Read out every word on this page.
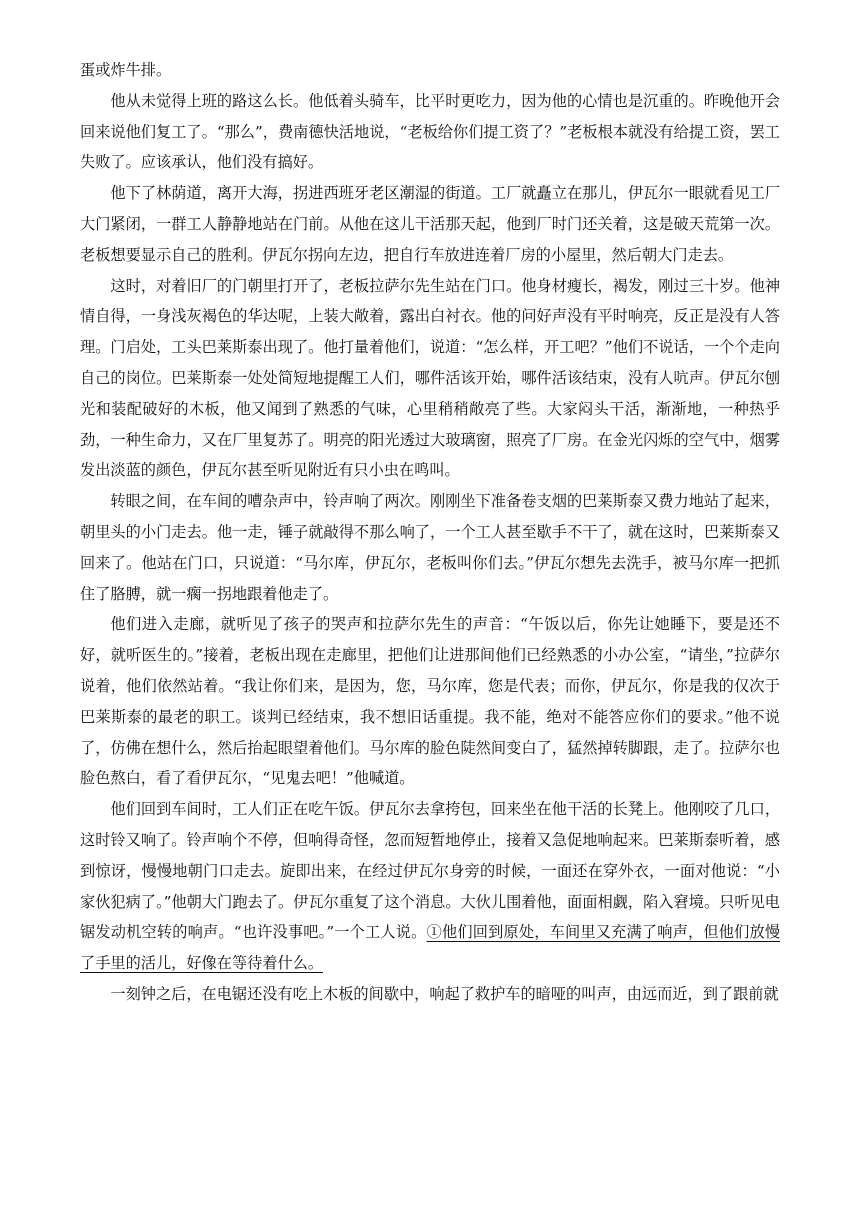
蛋或炸牛排。

他从未觉得上班的路这么长。他低着头骑车，比平时更吃力，因为他的心情也是沉重的。昨晚他开会回来说他们复工了。“那么”，费南德快活地说，“老板给你们提工资了？”老板根本就没有给提工资，罢工失败了。应该承认，他们没有搞好。

他下了林荫道，离开大海，拐进西班牙老区潮湿的街道。工厂就矗立在那儿，伊瓦尔一眼就看见工厂大门紧闭，一群工人静静地站在门前。从他在这儿干活那天起，他到厂时门还关着，这是破天荒第一次。老板想要显示自己的胜利。伊瓦尔拐向左边，把自行车放进连着厂房的小屋里，然后朝大门走去。

这时，对着旧厂的门朝里打开了，老板拉萨尔先生站在门口。他身材瘦长，褐发，刚过三十岁。他神情自得，一身浅灰褐色的华达呢，上装大敞着，露出白衬衣。他的问好声没有平时响亮，反正是没有人答理。门启处，工头巴莱斯泰出现了。他打量着他们，说道：“怎么样，开工吧？”他们不说话，一个个走向自己的岗位。巴莱斯泰一处处简短地提醒工人们，哪件活该开始，哪件活该结束，没有人吭声。伊瓦尔刨光和装配破好的木板，他又闻到了熟悉的气味，心里稍稍敞亮了些。大家闷头干活，渐渐地，一种热乎劲，一种生命力，又在厂里复苏了。明亮的阳光透过大玻璃窗，照亮了厂房。在金光闪烁的空气中，烟雾发出淡蓝的颜色，伊瓦尔甚至听见附近有只小虫在鸣叫。

转眼之间，在车间的嘈杂声中，铃声响了两次。刚刚坐下准备卷支烟的巴莱斯泰又费力地站了起来，朝里头的小门走去。他一走，锤子就敲得不那么响了，一个工人甚至歇手不干了，就在这时，巴莱斯泰又回来了。他站在门口，只说道：“马尔库，伊瓦尔，老板叫你们去。”伊瓦尔想先去洗手，被马尔库一把抓住了胳膊，就一瘸一拐地跟着他走了。

他们进入走廊，就听见了孩子的哭声和拉萨尔先生的声音：“午饭以后，你先让她睡下，要是还不好，就听医生的。”接着，老板出现在走廊里，把他们让进那间他们已经熟悉的小办公室，“请坐，”拉萨尔说着，他们依然站着。“我让你们来，是因为，您，马尔库，您是代表；而你，伊瓦尔，你是我的仅次于巴莱斯泰的最老的职工。谈判已经结束，我不想旧话重提。我不能，绝对不能答应你们的要求。”他不说了，仿佛在想什么，然后抬起眼望着他们。马尔库的脸色陡然间变白了，猛然掉转脚跟，走了。拉萨尔也脸色熬白，看了看伊瓦尔，“见鬼去吧！”他喊道。

他们回到车间时，工人们正在吃午饭。伊瓦尔去拿挎包，回来坐在他干活的长凳上。他刚咬了几口，这时铃又响了。铃声响个不停，但响得奇怪，忽而短暂地停止，接着又急促地响起来。巴莱斯泰听着，感到惊讶，慢慢地朝门口走去。旋即出来，在经过伊瓦尔身旁的时候，一面还在穿外衣，一面对他说：“小家伙犯病了。”他朝大门跑去了。伊瓦尔重复了这个消息。大伙儿围着他，面面相觑，陷入窘境。只听见电锯发动机空转的响声。“也许没事吧。”一个工人说。①他们回到原处，车间里又充满了响声，但他们放慢了手里的活儿，好像在等待着什么。

一刻钟之后，在电锯还没有吃上木板的间歇中，响起了救护车的暗哑的叫声，由远而近，到了跟前就
